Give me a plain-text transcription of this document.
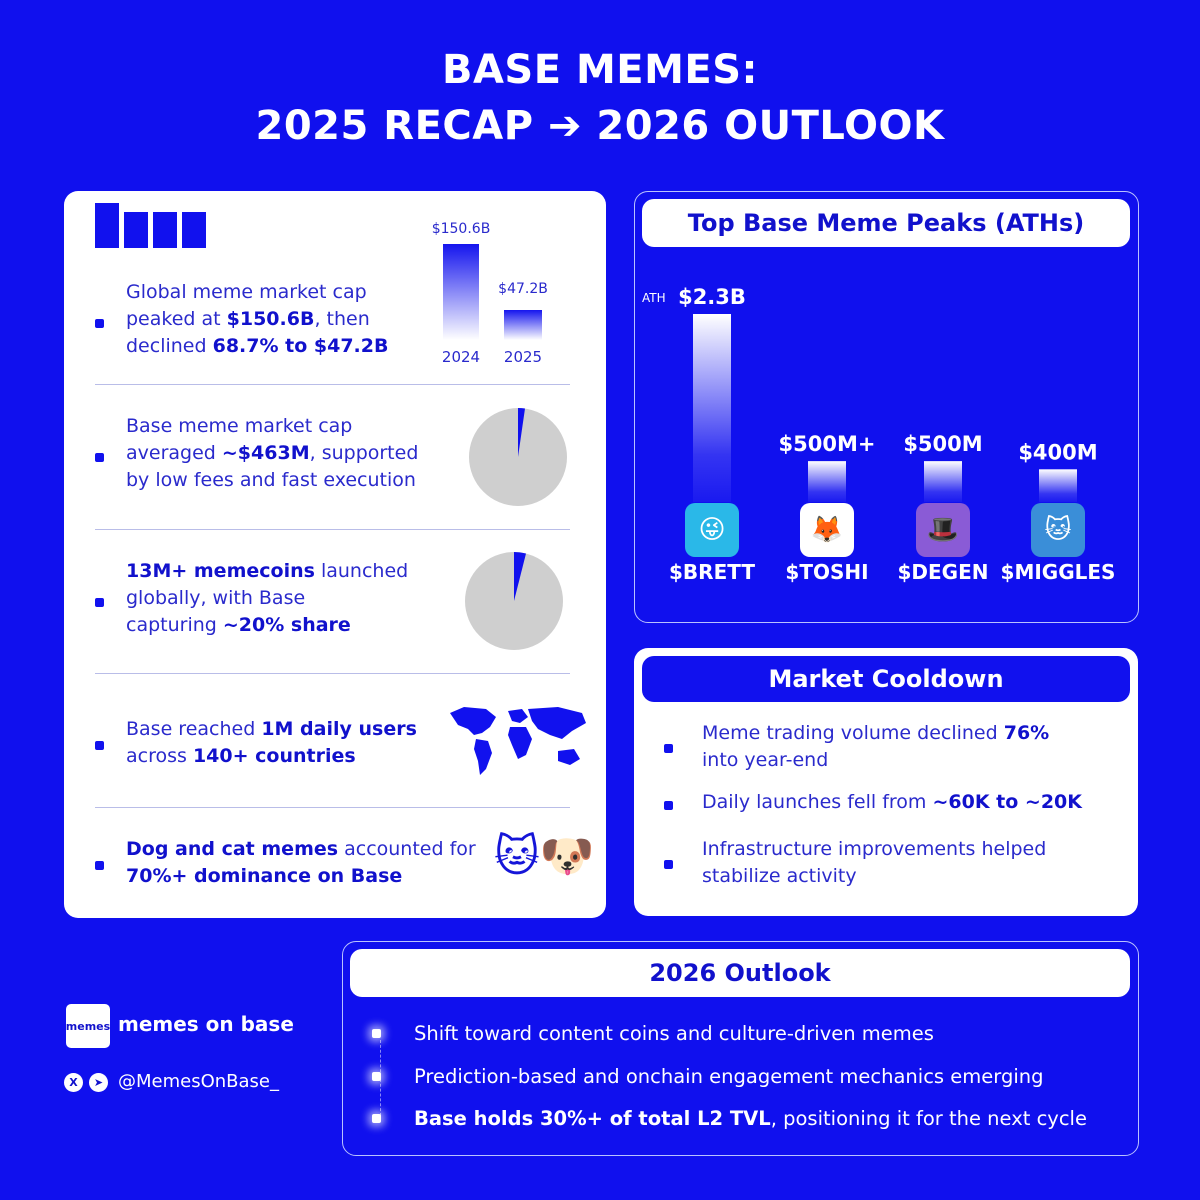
BASE MEMES:
2025 RECAP ➔ 2026 OUTLOOK
Global meme market cap
peaked at $150.6B, then
declined 68.7% to $47.2B
$150.6B
$47.2B
2024	2025
Base meme market cap
averaged ~$463M, supported
by low fees and fast execution
13M+ memecoins launched
globally, with Base
capturing ~20% share
Base reached 1M daily users
across 140+ countries
Dog and cat memes accounted for
70%+ dominance on Base	🐱🐶
Top Base Meme Peaks (ATHs)
$2.3B
$BRETT
ATH
$500M+
$TOSHI
$500M
$DEGEN
$400M
$MIGGLES
😜	🦊	🎩	🐱
Market Cooldown
Meme trading volume declined 76%
into year-end
Daily launches fell from ~60K to ~20K
Infrastructure improvements helped
stabilize activity
2026 Outlook
Shift toward content coins and culture-driven memes
Prediction-based and onchain engagement mechanics emerging
Base holds 30%+ of total L2 TVL, positioning it for the next cycle
memes memes on base
X	➤ @MemesOnBase_
